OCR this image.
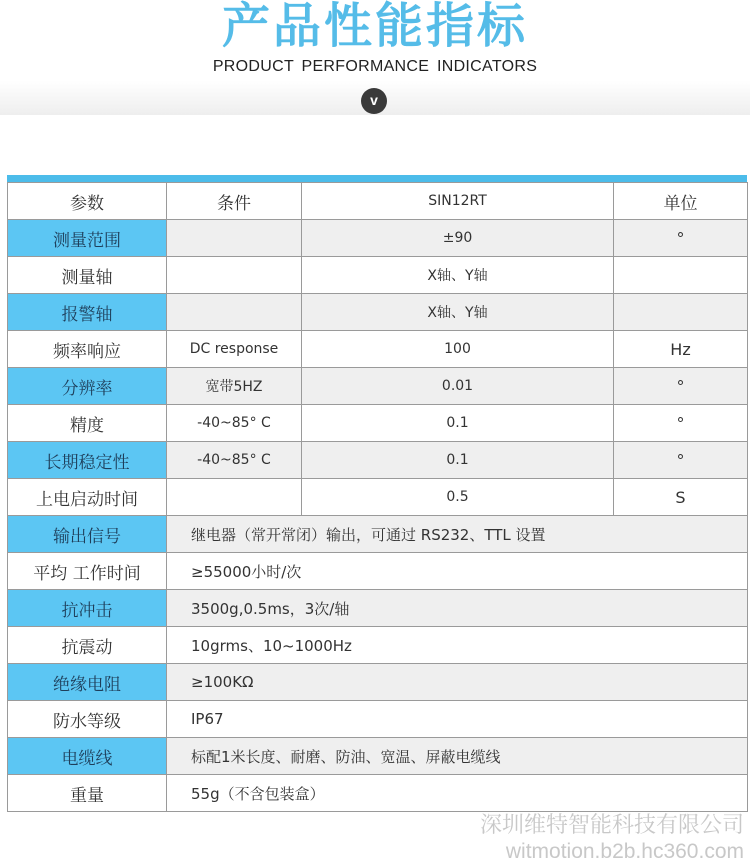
产品性能指标
PRODUCT PERFORMANCE INDICATORS
v
参数	条件	SIN12RT	单位
测量范围		±90	°
测量轴		X轴、Y轴	
报警轴		X轴、Y轴	
频率响应	DC response	100	Hz
分辨率	宽带5HZ	0.01	°
精度	-40~85° C	0.1	°
长期稳定性	-40~85° C	0.1	°
上电启动时间		0.5	S
输出信号	继电器（常开常闭）输出，可通过 RS232、TTL 设置		
平均 工作时间	≥55000小时/次		
抗冲击	3500g,0.5ms，3次/轴		
抗震动	10grms、10~1000Hz		
绝缘电阻	≥100KΩ		
防水等级	IP67		
电缆线	标配1米长度、耐磨、防油、宽温、屏蔽电缆线		
重量	55g（不含包装盒）		
深圳维特智能科技有限公司
witmotion.b2b.hc360.com
